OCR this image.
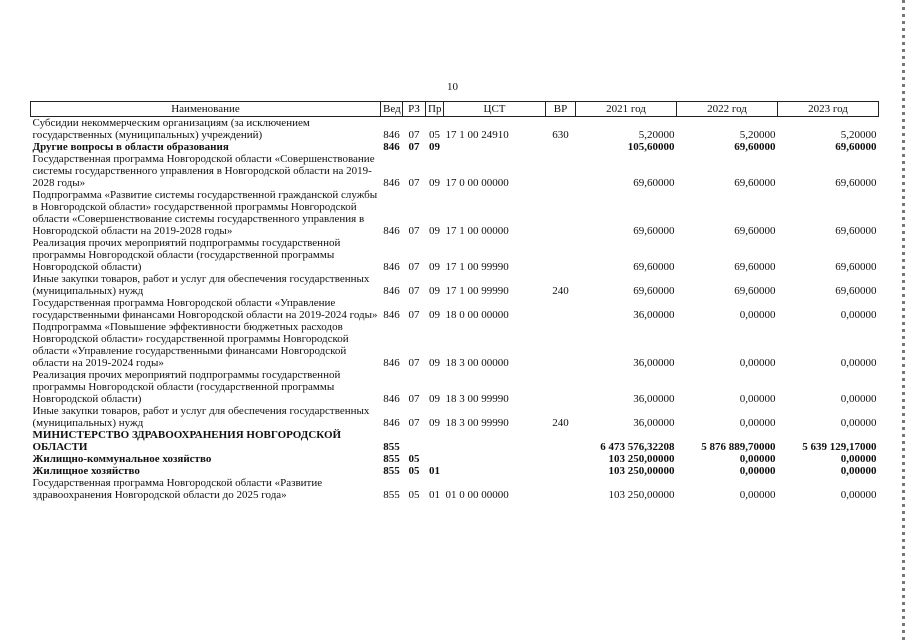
10
Наименование	Вед	РЗ	Пр	ЦСТ	ВР	2021 год	2022 год	2023 год
Субсидии некоммерческим организациям (за исключением государственных (муниципальных) учреждений)	846	07	05	17 1 00 24910	630	5,20000	5,20000	5,20000
Другие вопросы в области образования	846	07	09			105,60000	69,60000	69,60000
Государственная программа Новгородской области «Совершенствование системы государственного управления в Новгородской области на 2019-2028 годы»	846	07	09	17 0 00 00000		69,60000	69,60000	69,60000
Подпрограмма «Развитие системы государственной гражданской службы в Новгородской области» государственной программы Новгородской области «Совершенствование системы государственного управления в Новгородской области на 2019-2028 годы»	846	07	09	17 1 00 00000		69,60000	69,60000	69,60000
Реализация прочих мероприятий подпрограммы государственной программы Новгородской области (государственной программы Новгородской области)	846	07	09	17 1 00 99990		69,60000	69,60000	69,60000
Иные закупки товаров, работ и услуг для обеспечения государственных (муниципальных) нужд	846	07	09	17 1 00 99990	240	69,60000	69,60000	69,60000
Государственная программа Новгородской области «Управление государственными финансами Новгородской области на 2019-2024 годы»	846	07	09	18 0 00 00000		36,00000	0,00000	0,00000
Подпрограмма «Повышение эффективности бюджетных расходов Новгородской области» государственной программы Новгородской области «Управление государственными финансами Новгородской области на 2019-2024 годы»	846	07	09	18 3 00 00000		36,00000	0,00000	0,00000
Реализация прочих мероприятий подпрограммы государственной программы Новгородской области (государственной программы Новгородской области)	846	07	09	18 3 00 99990		36,00000	0,00000	0,00000
Иные закупки товаров, работ и услуг для обеспечения государственных (муниципальных) нужд	846	07	09	18 3 00 99990	240	36,00000	0,00000	0,00000
МИНИСТЕРСТВО ЗДРАВООХРАНЕНИЯ НОВГОРОДСКОЙ ОБЛАСТИ	855					6 473 576,32208	5 876 889,70000	5 639 129,17000
Жилищно-коммунальное хозяйство	855	05				103 250,00000	0,00000	0,00000
Жилищное хозяйство	855	05	01			103 250,00000	0,00000	0,00000
Государственная программа Новгородской области «Развитие здравоохранения Новгородской области до 2025 года»	855	05	01	01 0 00 00000		103 250,00000	0,00000	0,00000
